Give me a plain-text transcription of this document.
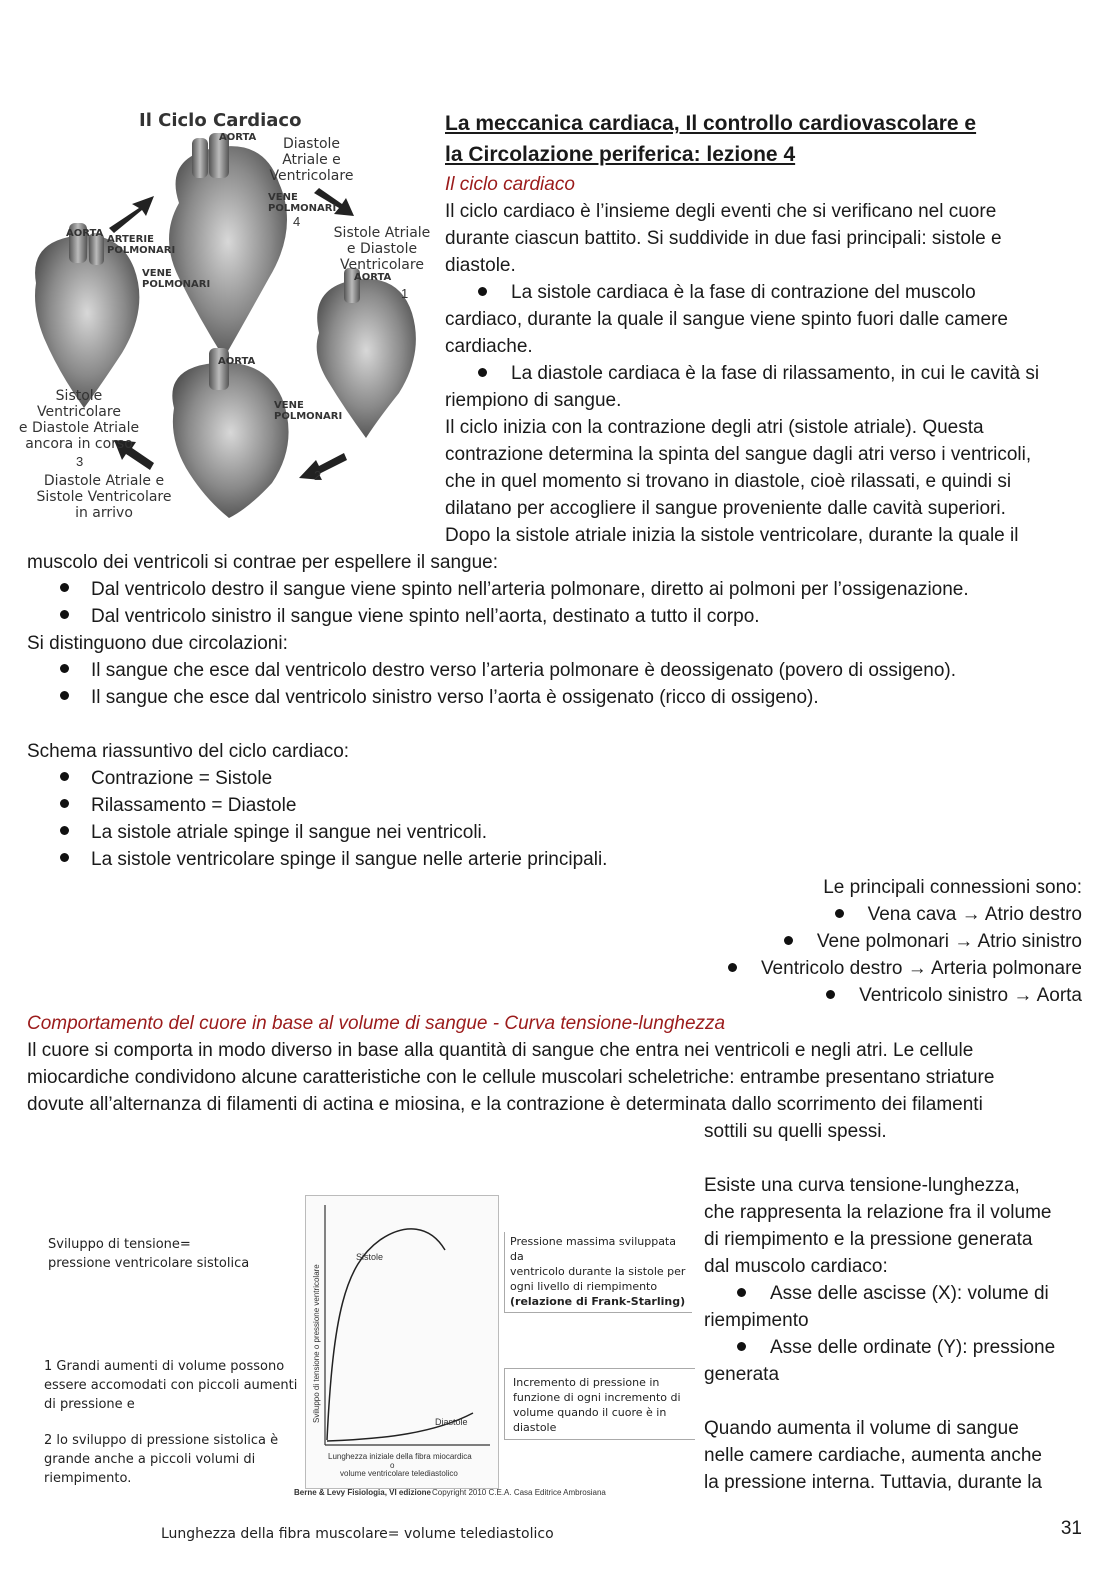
Il Ciclo Cardiaco
AORTA	Diastole
Atriale e
Ventricolare
VENE
POLMONARI
4
AORTA
ARTERIE
POLMONARI
VENE
POLMONARI
Sistole Atriale
e Diastole
Ventricolare
AORTA
1
AORTA
Sistole Ventricolare
e Diastole Atriale
ancora in corso
VENE
POLMONARI
3
2
Diastole Atriale e
Sistole Ventricolare
in arrivo
La meccanica cardiaca, Il controllo cardiovascolare e
la Circolazione periferica: lezione 4
Il ciclo cardiaco
Il ciclo cardiaco è l’insieme degli eventi che si verificano nel cuore
durante ciascun battito. Si suddivide in due fasi principali: sistole e
diastole.
La sistole cardiaca è la fase di contrazione del muscolo
cardiaco, durante la quale il sangue viene spinto fuori dalle camere
cardiache.
La diastole cardiaca è la fase di rilassamento, in cui le cavità si
riempiono di sangue.
Il ciclo inizia con la contrazione degli atri (sistole atriale). Questa
contrazione determina la spinta del sangue dagli atri verso i ventricoli,
che in quel momento si trovano in diastole, cioè rilassati, e quindi si
dilatano per accogliere il sangue proveniente dalle cavità superiori.
Dopo la sistole atriale inizia la sistole ventricolare, durante la quale il
muscolo dei ventricoli si contrae per espellere il sangue:
Dal ventricolo destro il sangue viene spinto nell’arteria polmonare, diretto ai polmoni per l’ossigenazione.
Dal ventricolo sinistro il sangue viene spinto nell’aorta, destinato a tutto il corpo.
Si distinguono due circolazioni:
Il sangue che esce dal ventricolo destro verso l’arteria polmonare è deossigenato (povero di ossigeno).
Il sangue che esce dal ventricolo sinistro verso l’aorta è ossigenato (ricco di ossigeno).
Schema riassuntivo del ciclo cardiaco:
Contrazione = Sistole
Rilassamento = Diastole
La sistole atriale spinge il sangue nei ventricoli.
La sistole ventricolare spinge il sangue nelle arterie principali.
Le principali connessioni sono:
Vena cava → Atrio destro
Vene polmonari → Atrio sinistro
Ventricolo destro → Arteria polmonare
Ventricolo sinistro → Aorta
Comportamento del cuore in base al volume di sangue - Curva tensione-lunghezza
Il cuore si comporta in modo diverso in base alla quantità di sangue che entra nei ventricoli e negli atri. Le cellule
miocardiche condividono alcune caratteristiche con le cellule muscolari scheletriche: entrambe presentano striature
dovute all’alternanza di filamenti di actina e miosina, e la contrazione è determinata dallo scorrimento dei filamenti
sottili su quelli spessi.
Esiste una curva tensione-lunghezza,
che rappresenta la relazione fra il volume
di riempimento e la pressione generata
dal muscolo cardiaco:
Asse delle ascisse (X): volume di
riempimento
Asse delle ordinate (Y): pressione
generata
Quando aumenta il volume di sangue
nelle camere cardiache, aumenta anche
la pressione interna. Tuttavia, durante la
Sviluppo di tensione=
pressione ventricolare sistolica
1 Grandi aumenti di volume possono
essere accomodati con piccoli aumenti
di pressione e
2 lo sviluppo di pressione sistolica è
grande anche a piccoli volumi di
riempimento.
Sistole
Diastole
Sviluppo di tensione o pressione ventricolare
Lunghezza iniziale della fibra miocardica
o
volume ventricolare telediastolico
Berne & Levy Fisiologia, VI edizione Copyright 2010 C.E.A. Casa Editrice Ambrosiana
Pressione massima sviluppata da
ventricolo durante la sistole per
ogni livello di riempimento
(relazione di Frank-Starling)
Incremento di pressione in
funzione di ogni incremento di
volume quando il cuore è in
diastole
Lunghezza della fibra muscolare= volume telediastolico	31
